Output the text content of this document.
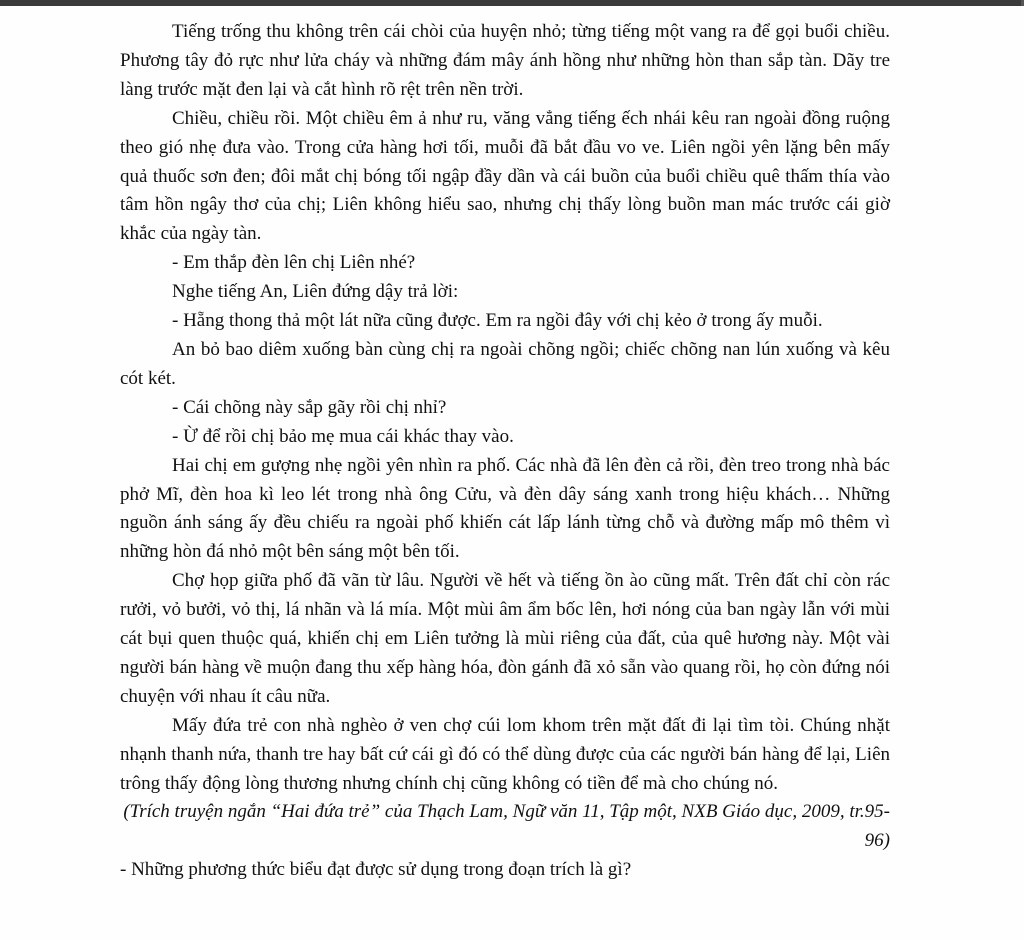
Tiếng trống thu không trên cái chòi của huyện nhỏ; từng tiếng một vang ra để gọi buổi chiều. Phương tây đỏ rực như lửa cháy và những đám mây ánh hồng như những hòn than sắp tàn. Dãy tre làng trước mặt đen lại và cắt hình rõ rệt trên nền trời.

Chiều, chiều rồi. Một chiều êm ả như ru, văng vẳng tiếng ếch nhái kêu ran ngoài đồng ruộng theo gió nhẹ đưa vào. Trong cửa hàng hơi tối, muỗi đã bắt đầu vo ve. Liên ngồi yên lặng bên mấy quả thuốc sơn đen; đôi mắt chị bóng tối ngập đầy dần và cái buồn của buổi chiều quê thấm thía vào tâm hồn ngây thơ của chị; Liên không hiểu sao, nhưng chị thấy lòng buồn man mác trước cái giờ khắc của ngày tàn.

- Em thắp đèn lên chị Liên nhé?

Nghe tiếng An, Liên đứng dậy trả lời:

- Hẵng thong thả một lát nữa cũng được. Em ra ngồi đây với chị kẻo ở trong ấy muỗi.

An bỏ bao diêm xuống bàn cùng chị ra ngoài chõng ngồi; chiếc chõng nan lún xuống và kêu cót két.

- Cái chõng này sắp gãy rồi chị nhỉ?

- Ừ để rồi chị bảo mẹ mua cái khác thay vào.

Hai chị em gượng nhẹ ngồi yên nhìn ra phố. Các nhà đã lên đèn cả rồi, đèn treo trong nhà bác phở Mĩ, đèn hoa kì leo lét trong nhà ông Cửu, và đèn dây sáng xanh trong hiệu khách… Những nguồn ánh sáng ấy đều chiếu ra ngoài phố khiến cát lấp lánh từng chỗ và đường mấp mô thêm vì những hòn đá nhỏ một bên sáng một bên tối.

Chợ họp giữa phố đã vãn từ lâu. Người về hết và tiếng ồn ào cũng mất. Trên đất chỉ còn rác rưởi, vỏ bưởi, vỏ thị, lá nhãn và lá mía. Một mùi âm ẩm bốc lên, hơi nóng của ban ngày lẫn với mùi cát bụi quen thuộc quá, khiến chị em Liên tưởng là mùi riêng của đất, của quê hương này. Một vài người bán hàng về muộn đang thu xếp hàng hóa, đòn gánh đã xỏ sẵn vào quang rồi, họ còn đứng nói chuyện với nhau ít câu nữa.

Mấy đứa trẻ con nhà nghèo ở ven chợ cúi lom khom trên mặt đất đi lại tìm tòi. Chúng nhặt nhạnh thanh nứa, thanh tre hay bất cứ cái gì đó có thể dùng được của các người bán hàng để lại, Liên trông thấy động lòng thương nhưng chính chị cũng không có tiền để mà cho chúng nó.

(Trích truyện ngắn “Hai đứa trẻ” của Thạch Lam, Ngữ văn 11, Tập một, NXB Giáo dục, 2009, tr.95-96)

- Những phương thức biểu đạt được sử dụng trong đoạn trích là gì?
